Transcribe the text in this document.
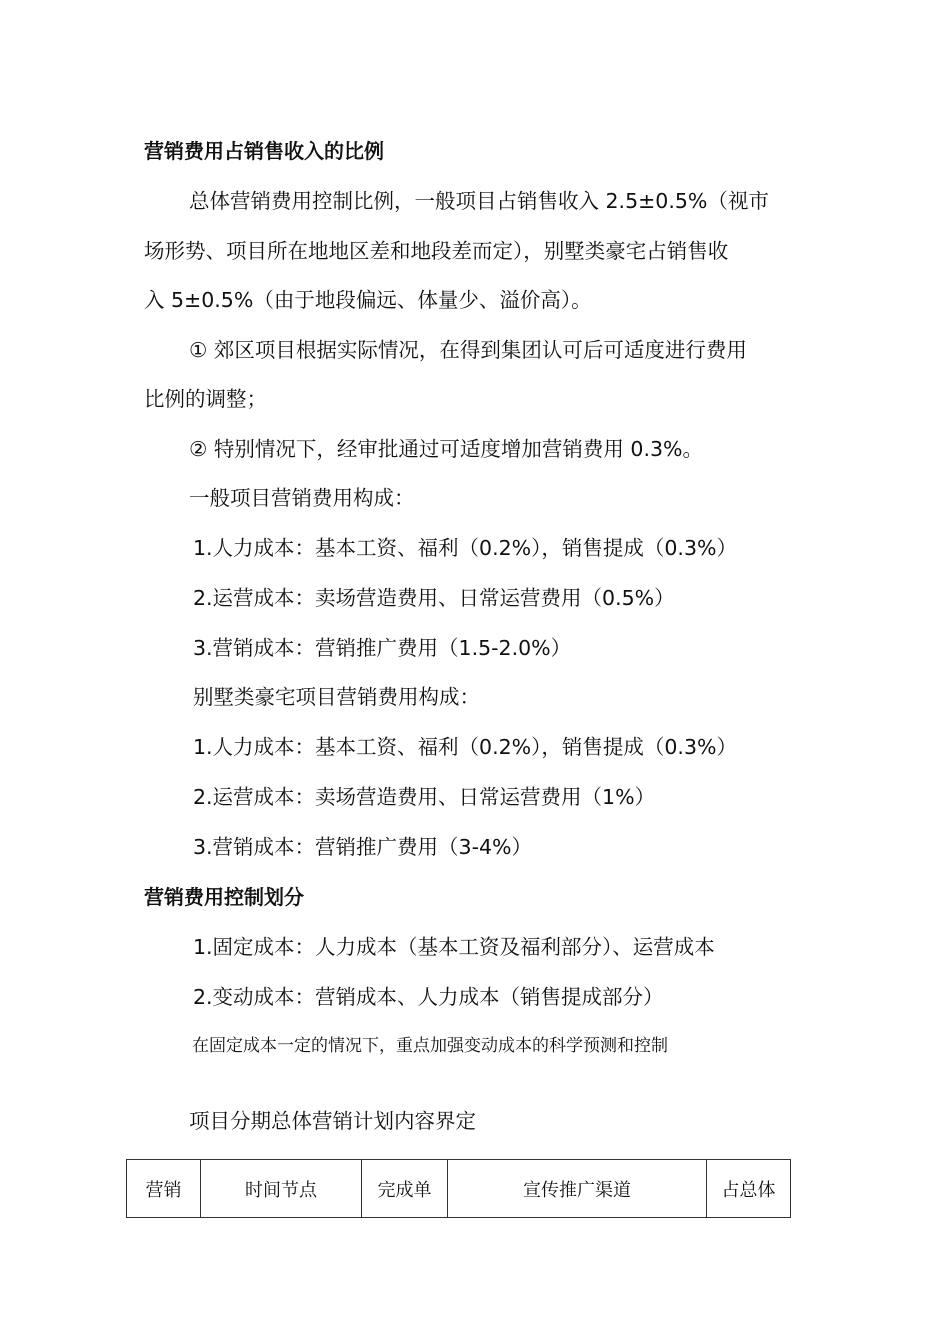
营销费用占销售收入的比例
总体营销费用控制比例，一般项目占销售收入 2.5±0.5%（视市
场形势、项目所在地地区差和地段差而定），别墅类豪宅占销售收
入 5±0.5%（由于地段偏远、体量少、溢价高）。
① 郊区项目根据实际情况，在得到集团认可后可适度进行费用
比例的调整；
② 特别情况下，经审批通过可适度增加营销费用 0.3%。
一般项目营销费用构成：
1.人力成本：基本工资、福利（0.2%），销售提成（0.3%）
2.运营成本：卖场营造费用、日常运营费用（0.5%）
3.营销成本：营销推广费用（1.5-2.0%）
别墅类豪宅项目营销费用构成：
1.人力成本：基本工资、福利（0.2%），销售提成（0.3%）
2.运营成本：卖场营造费用、日常运营费用（1%）
3.营销成本：营销推广费用（3-4%）
营销费用控制划分
1.固定成本：人力成本（基本工资及福利部分）、运营成本
2.变动成本：营销成本、人力成本（销售提成部分）
在固定成本一定的情况下，重点加强变动成本的科学预测和控制
项目分期总体营销计划内容界定
营销	时间节点	完成单	宣传推广渠道	占总体
